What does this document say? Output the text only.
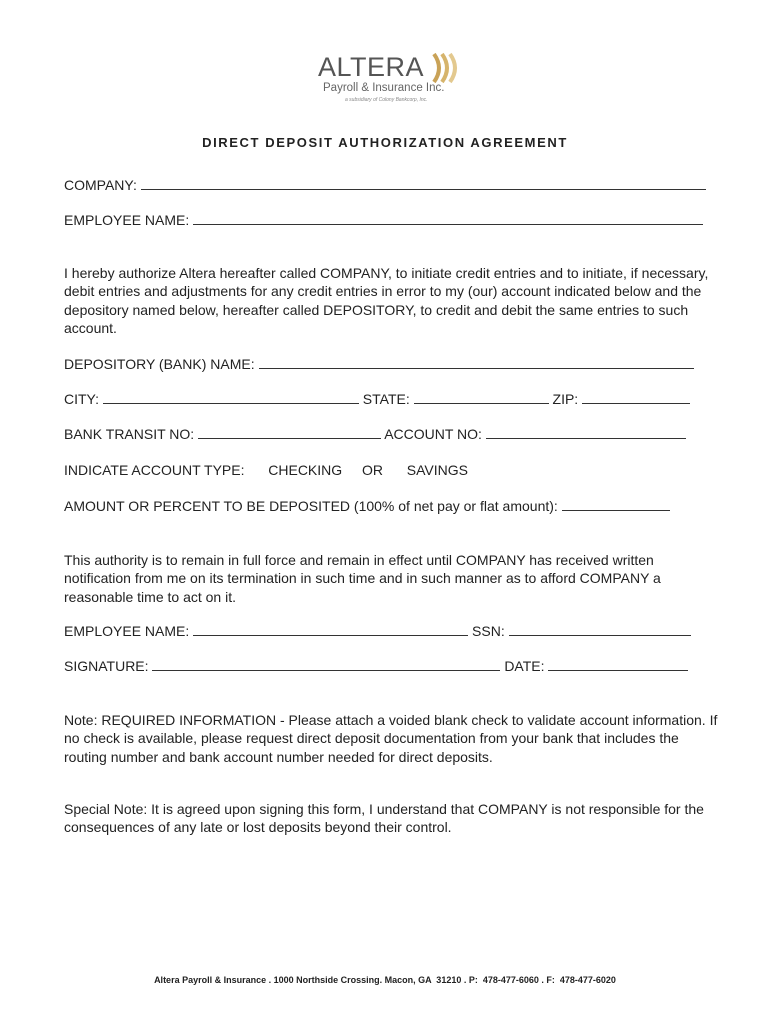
ALTERA
Payroll & Insurance Inc.
a subsidiary of Colony Bankcorp, Inc.
DIRECT DEPOSIT AUTHORIZATION AGREEMENT
COMPANY:
EMPLOYEE NAME:
I hereby authorize Altera hereafter called COMPANY, to initiate credit entries and to initiate, if necessary, debit entries and adjustments for any credit entries in error to my (our) account indicated below and the depository named below, hereafter called DEPOSITORY, to credit and debit the same entries to such account.
DEPOSITORY (BANK) NAME:
CITY:	STATE:	ZIP:
BANK TRANSIT NO:	ACCOUNT NO:
INDICATE ACCOUNT TYPE: CHECKING OR SAVINGS
AMOUNT OR PERCENT TO BE DEPOSITED (100% of net pay or flat amount):
This authority is to remain in full force and remain in effect until COMPANY has received written notification from me on its termination in such time and in such manner as to afford COMPANY a reasonable time to act on it.
EMPLOYEE NAME:	SSN:
SIGNATURE:	DATE:
Note: REQUIRED INFORMATION - Please attach a voided blank check to validate account information. If no check is available, please request direct deposit documentation from your bank that includes the routing number and bank account number needed for direct deposits.
Special Note: It is agreed upon signing this form, I understand that COMPANY is not responsible for the consequences of any late or lost deposits beyond their control.
Altera Payroll & Insurance . 1000 Northside Crossing. Macon, GA  31210 . P:  478-477-6060 . F:  478-477-6020
